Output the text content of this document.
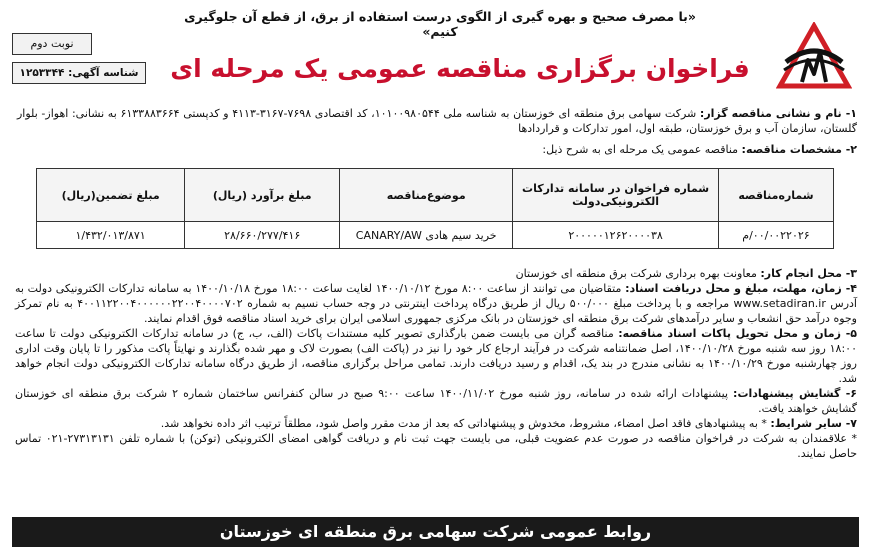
«با مصرف صحیح و بهره گیری از الگوی درست استفاده از برق، از قطع آن جلوگیری کنیم»
نوبت دوم
شناسه آگهی: ۱۲۵۳۳۴۴	فراخوان برگزاری مناقصه عمومی یک مرحله ای
۱- نام و نشانی مناقصه گزار: شرکت سهامی برق منطقه ای خوزستان به شناسه ملی ۱۰۱۰۰۹۸۰۵۴۴، کد اقتصادی ۷۶۹۸-۳۱۶۷-۴۱۱۳ و کدپستی ۶۱۳۳۸۸۳۶۶۴ به نشانی: اهواز- بلوار گلستان، سازمان آب و برق خوزستان، طبقه اول، امور تدارکات و قراردادها
۲- مشخصات مناقصه: مناقصه عمومی یک مرحله ای به شرح ذیل:
شماره‌مناقصه	شماره فراخوان در سامانه تدارکات الکترونیکی‌دولت	موضوع‌مناقصه	مبلغ برآورد (ریال)	مبلغ تضمین(ریال)
۰۰/۰۰۲۲۰۲۶/م	۲۰۰۰۰۰۱۲۶۲۰۰۰۰۳۸	خرید سیم هادی CANARY/AW	۲۸/۶۶۰/۲۷۷/۴۱۶	۱/۴۳۲/۰۱۳/۸۷۱

۳- محل انجام کار: معاونت بهره برداری شرکت برق منطقه ای خوزستان

۴- زمان، مهلت، مبلغ و محل دریافت اسناد: متقاضیان می توانند از ساعت ۸:۰۰ مورخ ۱۴۰۰/۱۰/۱۲ لغایت ساعت ۱۸:۰۰ مورخ ۱۴۰۰/۱۰/۱۸ به سامانه تدارکات الکترونیکی دولت به آدرس www.setadiran.ir مراجعه و با پرداخت مبلغ ۵۰۰/۰۰۰ ریال از طریق درگاه پرداخت اینترنتی در وجه حساب نسیم به شماره ۴۰۰۱۱۲۲۰۰۴۰۰۰۰۰۰۲۲۰۰۴۰۰۰۰۷۰۲ به نام تمرکز وجوه درآمد حق انشعاب و سایر درآمدهای شرکت برق منطقه ای خوزستان در بانک مرکزی جمهوری اسلامی ایران برای خرید اسناد مناقصه فوق اقدام نمایند.

۵- زمان و محل تحویل پاکات اسناد مناقصه: مناقصه گران می بایست ضمن بارگذاری تصویر کلیه مستندات پاکات (الف، ب، ج) در سامانه تدارکات الکترونیکی دولت تا ساعت ۱۸:۰۰ روز سه شنبه مورخ ۱۴۰۰/۱۰/۲۸، اصل ضمانتنامه شرکت در فرآیند ارجاع کار خود را نیز در (پاکت الف) بصورت لاک و مهر شده بگذارند و نهایتاً پاکت مذکور را تا پایان وقت اداری روز چهارشنبه مورخ ۱۴۰۰/۱۰/۲۹ به نشانی مندرج در بند یک، اقدام و رسید دریافت دارند. تمامی مراحل برگزاری مناقصه، از طریق درگاه سامانه تدارکات الکترونیکی دولت انجام خواهد شد.

۶- گشایش پیشنهادات: پیشنهادات ارائه شده در سامانه، روز شنبه مورخ ۱۴۰۰/۱۱/۰۲ ساعت ۹:۰۰ صبح در سالن کنفرانس ساختمان شماره ۲ شرکت برق منطقه ای خوزستان گشایش خواهند یافت.

۷- سایر شرایط: * به پیشنهادهای فاقد اصل امضاء، مشروط، مخدوش و پیشنهاداتی که بعد از مدت مقرر واصل شود، مطلقاً ترتیب اثر داده نخواهد شد.

* علاقمندان به شرکت در فراخوان مناقصه در صورت عدم عضویت قبلی، می بایست جهت ثبت نام و دریافت گواهی امضای الکترونیکی (توکن) با شماره تلفن ۲۷۳۱۳۱۳۱-۰۲۱ تماس حاصل نمایند.

روابط عمومی شرکت سهامی برق منطقه ای خوزستان
